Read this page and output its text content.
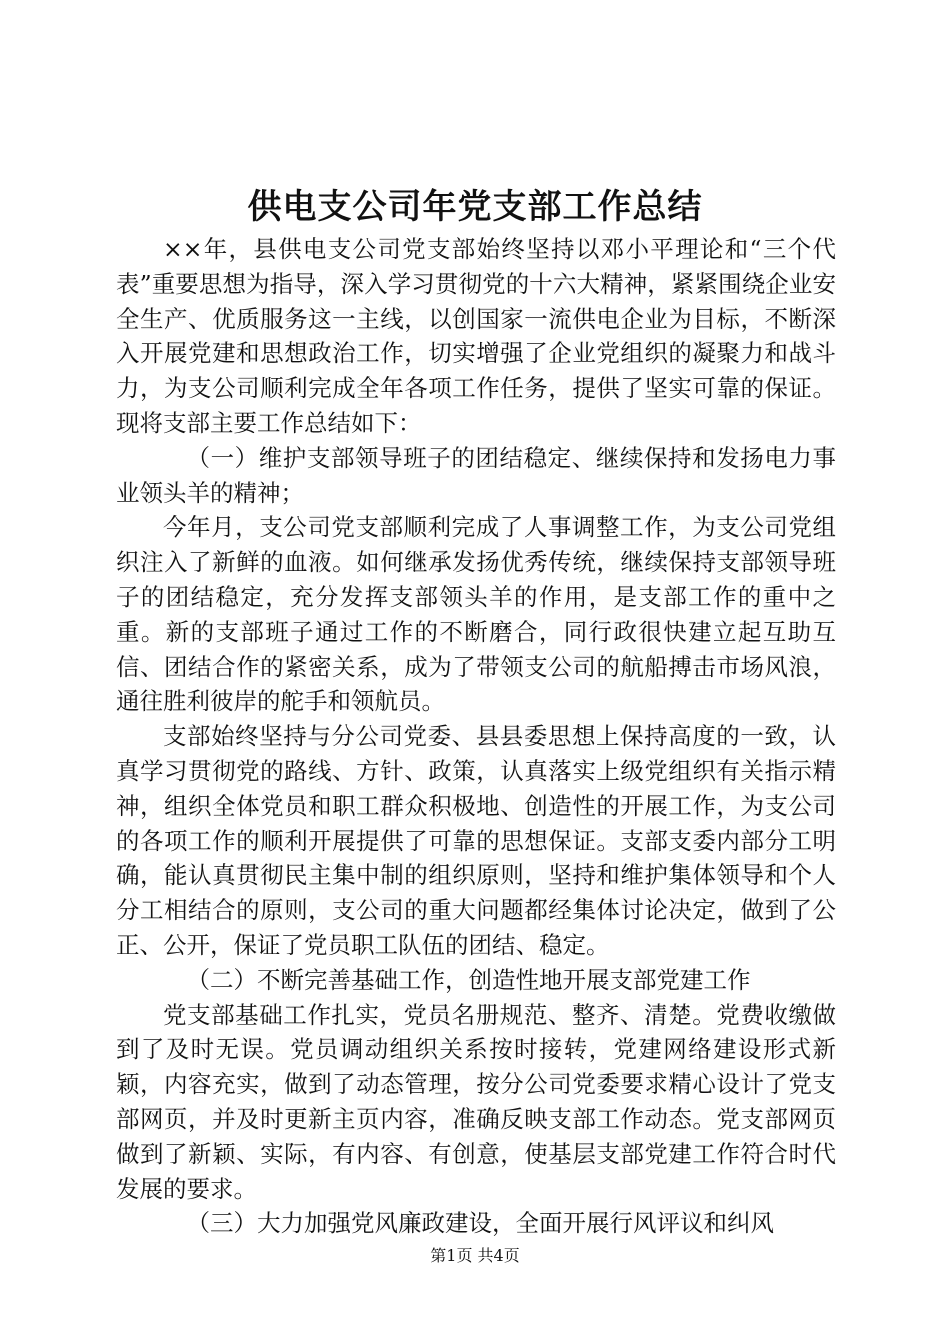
供电支公司年党支部工作总结

××年，县供电支公司党支部始终坚持以邓小平理论和“三个代表”重要思想为指导，深入学习贯彻党的十六大精神，紧紧围绕企业安全生产、优质服务这一主线，以创国家一流供电企业为目标，不断深入开展党建和思想政治工作，切实增强了企业党组织的凝聚力和战斗力，为支公司顺利完成全年各项工作任务，提供了坚实可靠的保证。现将支部主要工作总结如下：

（一）维护支部领导班子的团结稳定、继续保持和发扬电力事业领头羊的精神；

今年月，支公司党支部顺利完成了人事调整工作，为支公司党组织注入了新鲜的血液。如何继承发扬优秀传统，继续保持支部领导班子的团结稳定，充分发挥支部领头羊的作用，是支部工作的重中之重。新的支部班子通过工作的不断磨合，同行政很快建立起互助互信、团结合作的紧密关系，成为了带领支公司的航船搏击市场风浪，通往胜利彼岸的舵手和领航员。

支部始终坚持与分公司党委、县县委思想上保持高度的一致，认真学习贯彻党的路线、方针、政策，认真落实上级党组织有关指示精神，组织全体党员和职工群众积极地、创造性的开展工作，为支公司的各项工作的顺利开展提供了可靠的思想保证。支部支委内部分工明确，能认真贯彻民主集中制的组织原则，坚持和维护集体领导和个人分工相结合的原则，支公司的重大问题都经集体讨论决定，做到了公正、公开，保证了党员职工队伍的团结、稳定。

（二）不断完善基础工作，创造性地开展支部党建工作

党支部基础工作扎实，党员名册规范、整齐、清楚。党费收缴做到了及时无误。党员调动组织关系按时接转，党建网络建设形式新颖，内容充实，做到了动态管理，按分公司党委要求精心设计了党支部网页，并及时更新主页内容，准确反映支部工作动态。党支部网页做到了新颖、实际，有内容、有创意，使基层支部党建工作符合时代发展的要求。

（三）大力加强党风廉政建设，全面开展行风评议和纠风

第1页 共4页
